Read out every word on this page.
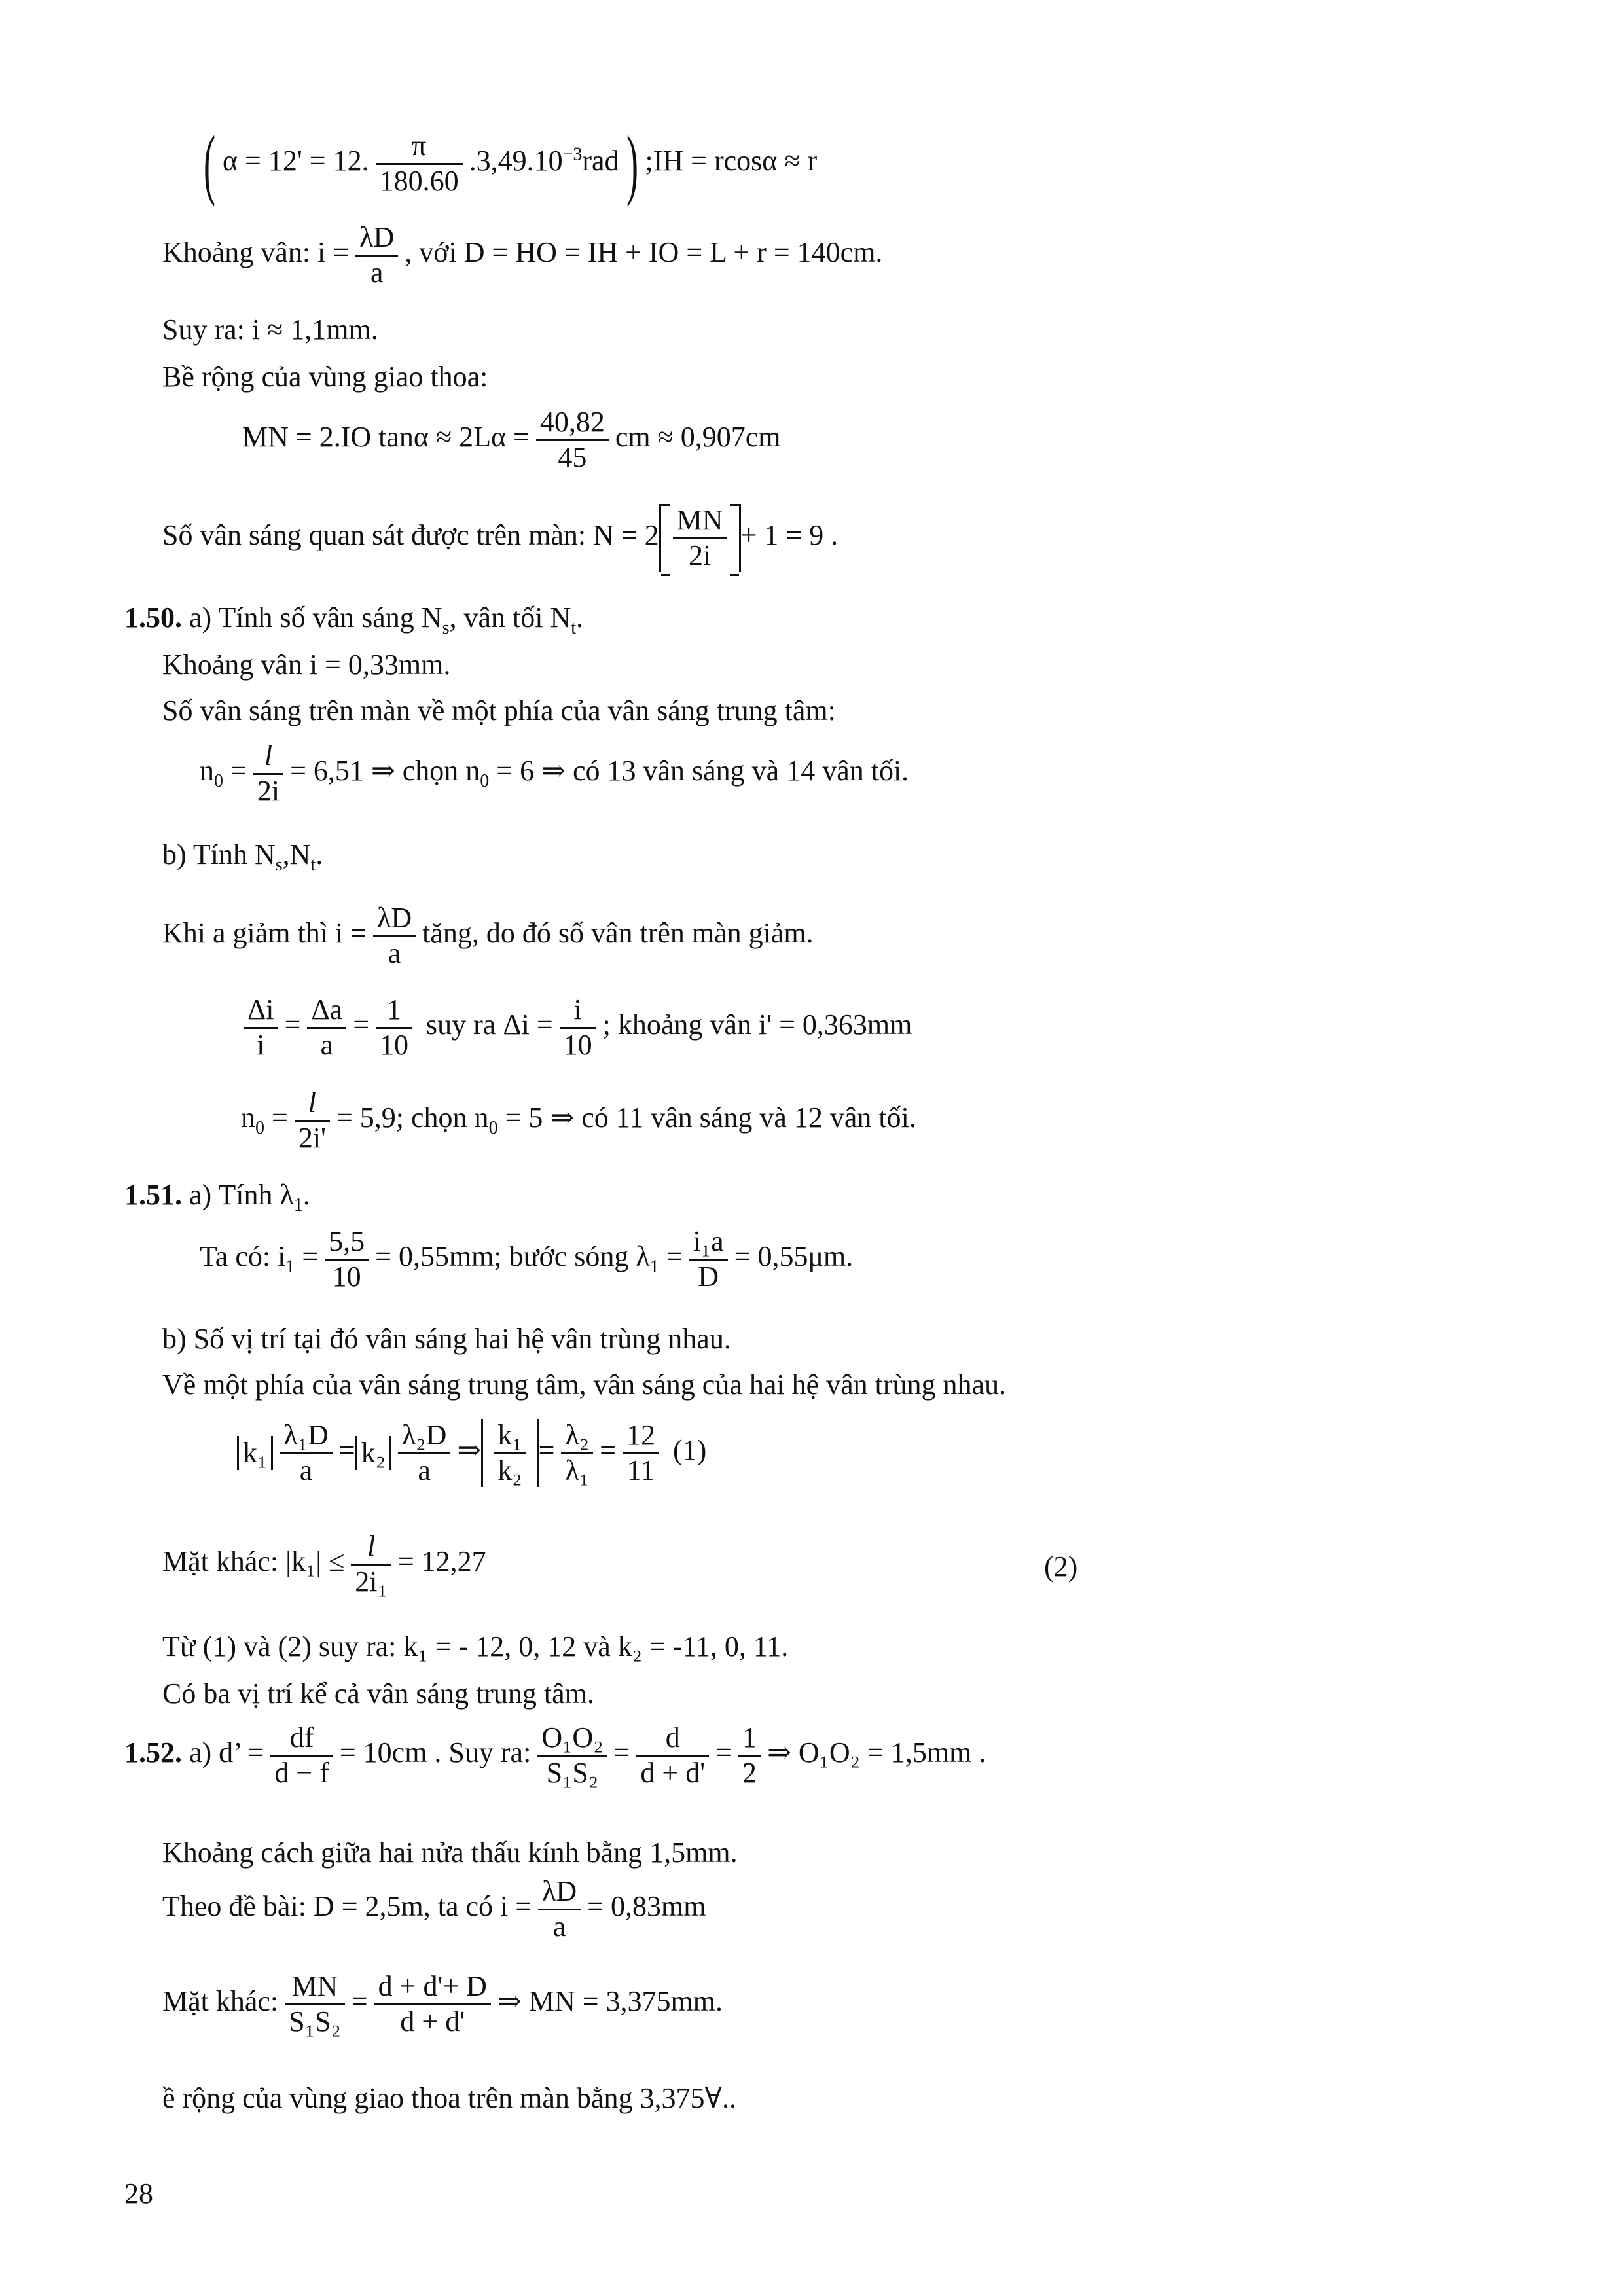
( α = 12' = 12. $\frac{\pi}{180.60} .3,49.10^{-3}rad$) ;IH = rcosα ≈ r
Khoảng vân: $i = \frac{\lambda D}{a}$ , với D = HO = IH + IO = L + r = 140cm.
Suy ra: i ≈ 1,1mm.
Bề rộng của vùng giao thoa:
MN = 2.IO $\tan\alpha \approx 2L\alpha = \frac{40,82}{45}$ cm ≈ 0,907cm
Số vân sáng quan sát được trên màn: $N = 2 \frac{MN}{2i} + 1 = 9$ .
1.50. a) Tính số vân sáng $N_s$, vân tối $N_t$.
Khoảng vân i = 0,33mm.
Số vân sáng trên màn về một phía của vân sáng trung tâm:
$n_0 = \frac{l}{2i} = 6,51$ ⇒ chọn $n_0 = 6$ ⇒ có 13 vân sáng và 14 vân tối.
b) Tính $N_s,N_t$.
Khi a giảm thì $i = \frac{\lambda D}{a}$ tăng, do đó số vân trên màn giảm.
$\frac{\Delta i}{i} = \frac{\Delta a}{a} = \frac{1}{10}$ suy ra $\Delta i = \frac{i}{10}$ ; khoảng vân i' = 0,363mm
$n_0 = \frac{l}{2i'} = 5,9$; chọn $n_0 = 5$ ⇒ có 11 vân sáng và 12 vân tối.
1.51. a) Tính $\lambda_1$.
Ta có: $i_1 = \frac{5,5}{10} = 0,55mm$; bước sóng $\lambda_1 = \frac{\text{i₁a}}{D} = 0,55\mu m$.
b) Số vị trí tại đó vân sáng hai hệ vân trùng nhau.
Về một phía của vân sáng trung tâm, vân sáng của hai hệ vân trùng nhau.
$k_1 \frac{\text{λ₁D}}{a} = k_2 \frac{\text{λ₂D}}{a}$ ⇒ $\frac{\text{k₁}}{\text{k₂}} = \frac{\text{λ₂}}{\text{λ₁}} = \frac{12}{11} (1)$
Mặt khác: $|k_1| \le \frac{l}{\text{2i₁}} = 12,27$	(2)
Từ (1) và (2) suy ra: k₁ = - 12, 0, 12 và k₂ = -11, 0, 11.
Có ba vị trí kể cả vân sáng trung tâm.
1.52. a) d’ = $\frac{df}{d - f} = 10cm$ . Suy ra: $\frac{\text{O₁O₂}}{\text{S₁S₂}} = \frac{d}{d + d'} = \frac{1}{2}$ ⇒ O₁O₂ = 1,5mm .
Khoảng cách giữa hai nửa thấu kính bằng 1,5mm.
Theo đề bài: D = 2,5m, ta có $i = \frac{\lambda D}{a} = 0,83mm$
Mặt khác: $\frac{MN}{\text{S₁S₂}} = \frac{d + d'+ D}{d + d'}$ ⇒ MN = 3,375mm.
ề rộng của vùng giao thoa trên màn bằng 3,375∀..
28
